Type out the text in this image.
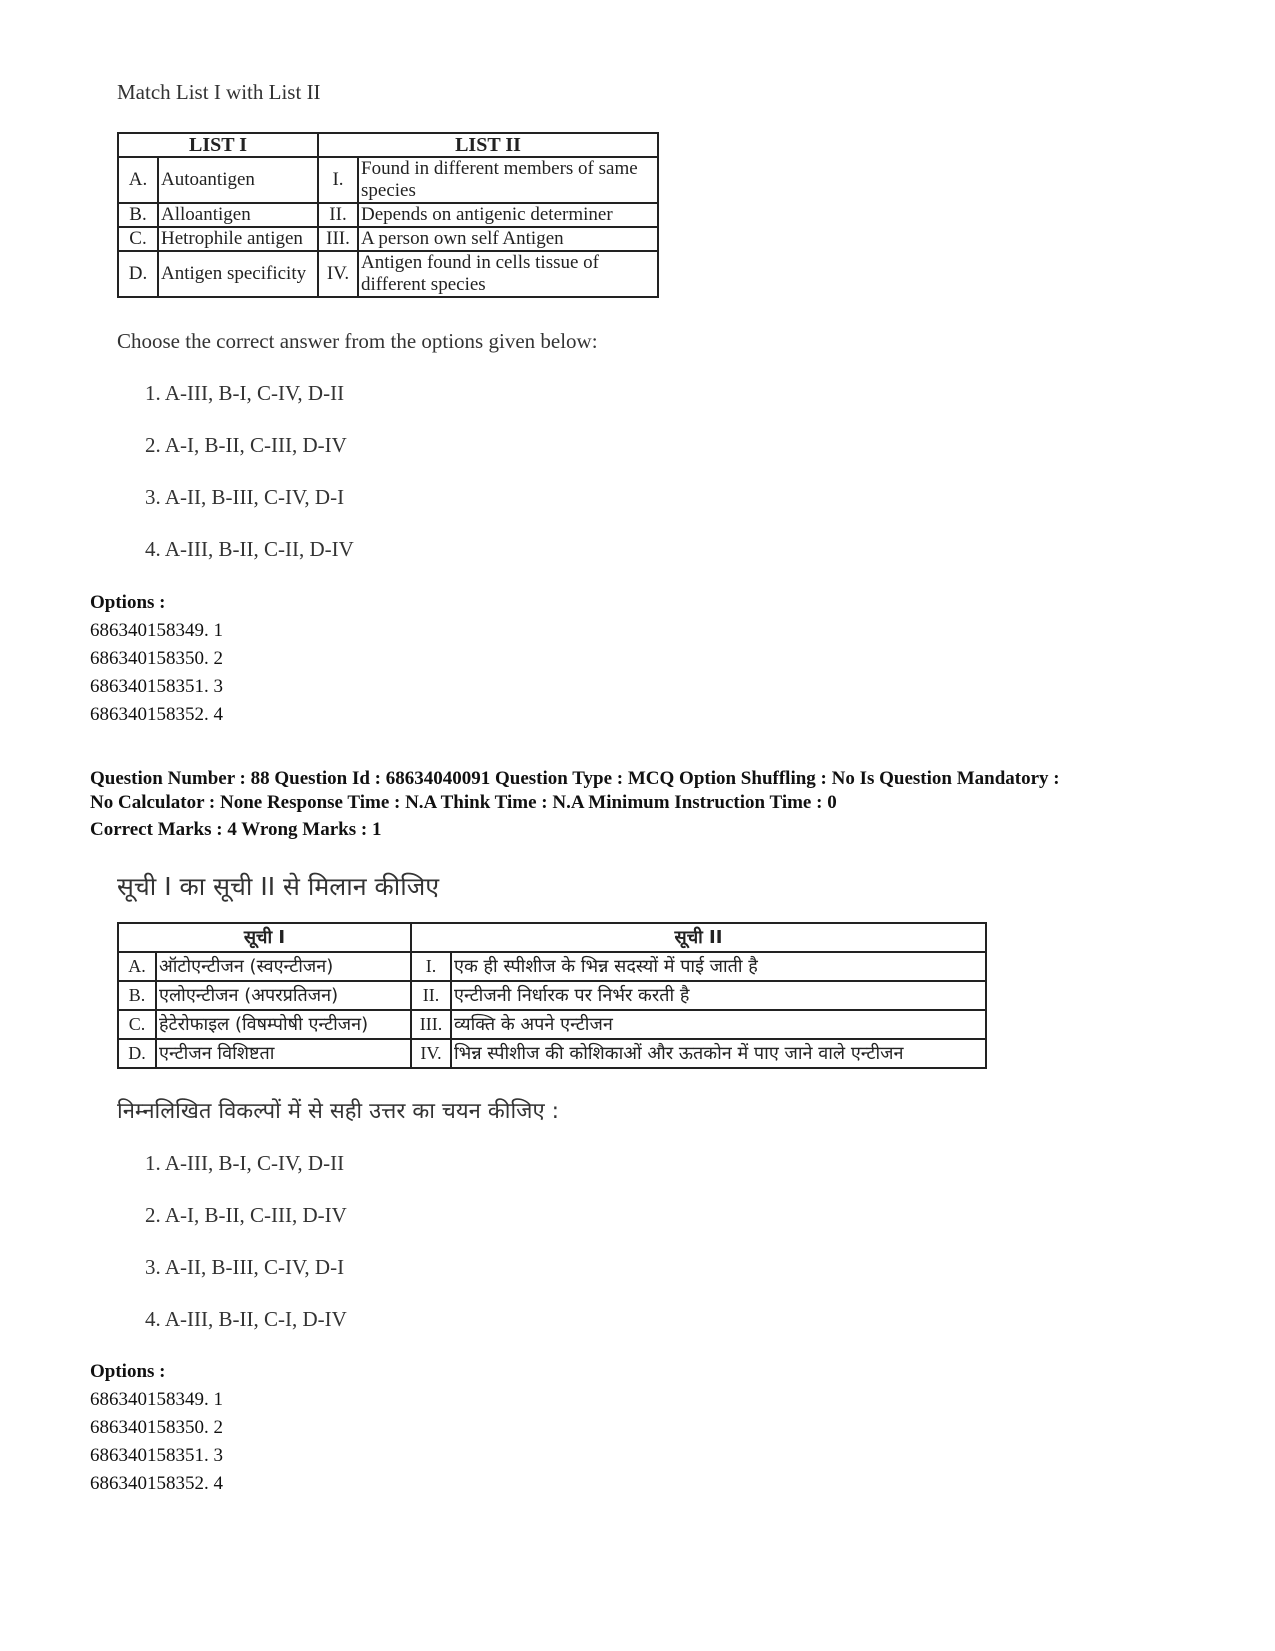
Match List I with List II
LIST I		LIST II	
A.	Autoantigen	I.	Found in different members of same species
B.	Alloantigen	II.	Depends on antigenic determiner
C.	Hetrophile antigen	III.	A person own self Antigen
D.	Antigen specificity	IV.	Antigen found in cells tissue of different species
Choose the correct answer from the options given below:
1. A-III, B-I, C-IV, D-II
2. A-I, B-II, C-III, D-IV
3. A-II, B-III, C-IV, D-I
4. A-III, B-II, C-II, D-IV
Options :
686340158349. 1
686340158350. 2
686340158351. 3
686340158352. 4
Question Number : 88 Question Id : 68634040091 Question Type : MCQ Option Shuffling : No Is Question Mandatory :
No Calculator : None Response Time : N.A Think Time : N.A Minimum Instruction Time : 0
Correct Marks : 4 Wrong Marks : 1
सूची I का सूची II से मिलान कीजिए
सूची I		सूची II	
A.	ऑटोएन्टीजन (स्वएन्टीजन)	I.	एक ही स्पीशीज के भिन्न सदस्यों में पाई जाती है
B.	एलोएन्टीजन (अपरप्रतिजन)	II.	एन्टीजनी निर्धारक पर निर्भर करती है
C.	हेटेरोफाइल (विषम्पोषी एन्टीजन)	III.	व्यक्ति के अपने एन्टीजन
D.	एन्टीजन विशिष्टता	IV.	भिन्न स्पीशीज की कोशिकाओं और ऊतकोन में पाए जाने वाले एन्टीजन
निम्नलिखित विकल्पों में से सही उत्तर का चयन कीजिए :
1. A-III, B-I, C-IV, D-II
2. A-I, B-II, C-III, D-IV
3. A-II, B-III, C-IV, D-I
4. A-III, B-II, C-I, D-IV
Options :
686340158349. 1
686340158350. 2
686340158351. 3
686340158352. 4
